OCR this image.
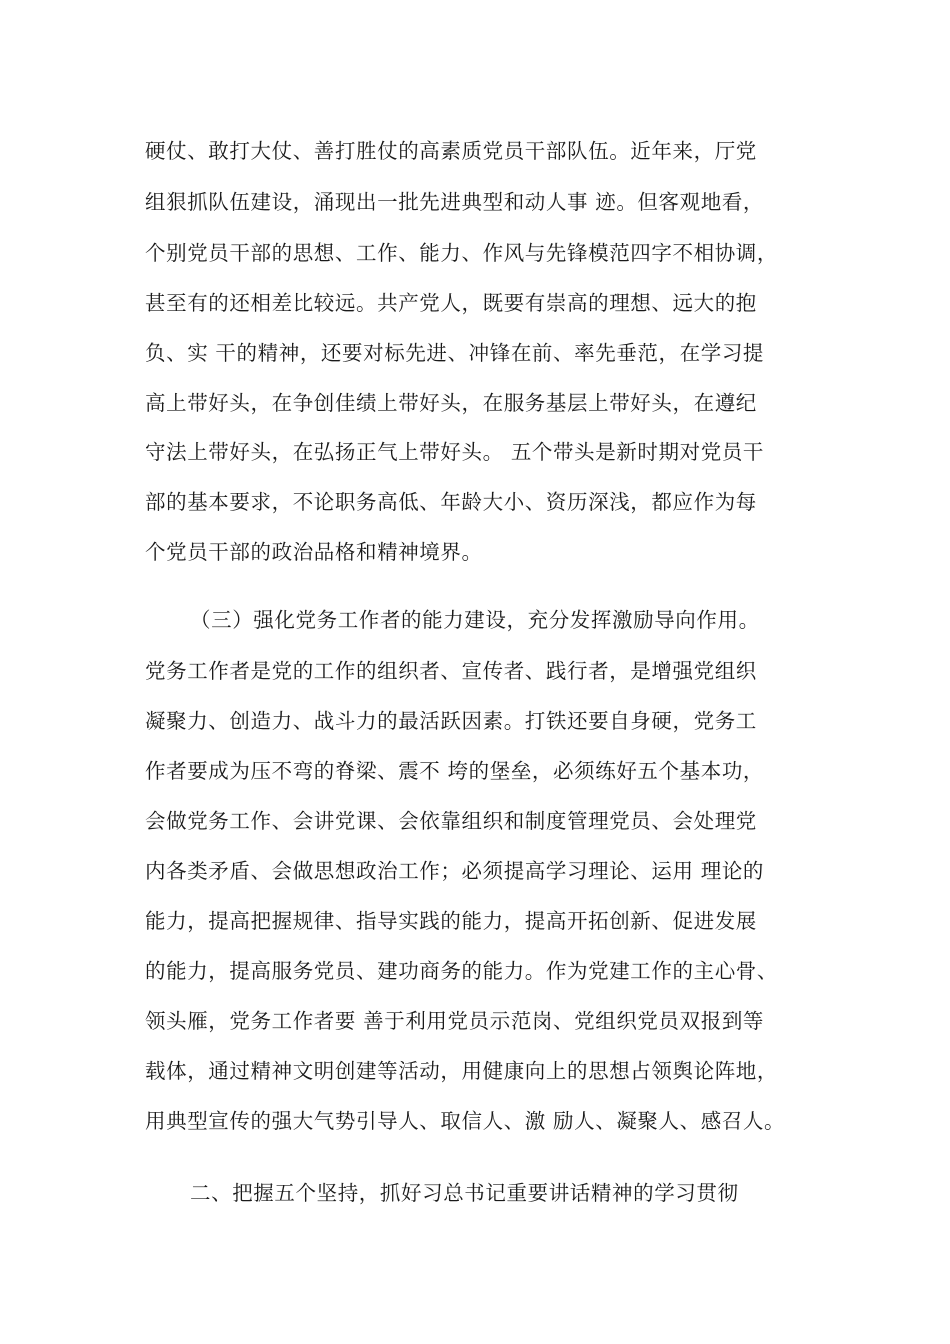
硬仗、敢打大仗、善打胜仗的高素质党员干部队伍。近年来，厅党
组狠抓队伍建设，涌现出一批先进典型和动人事 迹。但客观地看，
个别党员干部的思想、工作、能力、作风与先锋模范四字不相协调，
甚至有的还相差比较远。共产党人，既要有崇高的理想、远大的抱
负、实 干的精神，还要对标先进、冲锋在前、率先垂范，在学习提
高上带好头，在争创佳绩上带好头，在服务基层上带好头，在遵纪
守法上带好头，在弘扬正气上带好头。 五个带头是新时期对党员干
部的基本要求，不论职务高低、年龄大小、资历深浅，都应作为每
个党员干部的政治品格和精神境界。
（三）强化党务工作者的能力建设，充分发挥激励导向作用。
党务工作者是党的工作的组织者、宣传者、践行者，是增强党组织
凝聚力、创造力、战斗力的最活跃因素。打铁还要自身硬，党务工
作者要成为压不弯的脊梁、震不 垮的堡垒，必须练好五个基本功，
会做党务工作、会讲党课、会依靠组织和制度管理党员、会处理党
内各类矛盾、会做思想政治工作；必须提高学习理论、运用 理论的
能力，提高把握规律、指导实践的能力，提高开拓创新、促进发展
的能力，提高服务党员、建功商务的能力。作为党建工作的主心骨、
领头雁，党务工作者要 善于利用党员示范岗、党组织党员双报到等
载体，通过精神文明创建等活动，用健康向上的思想占领舆论阵地，
用典型宣传的强大气势引导人、取信人、激 励人、凝聚人、感召人。
二、把握五个坚持，抓好习总书记重要讲话精神的学习贯彻
